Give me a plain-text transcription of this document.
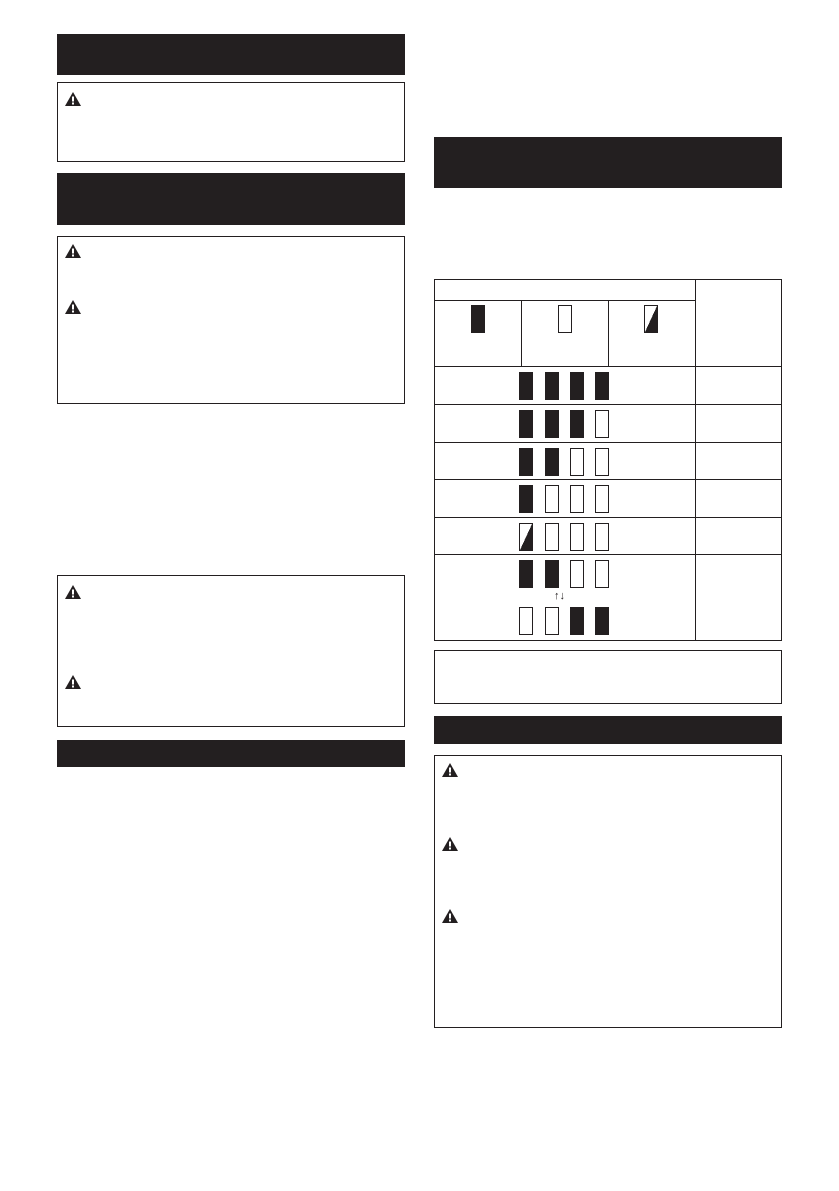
↑↓
